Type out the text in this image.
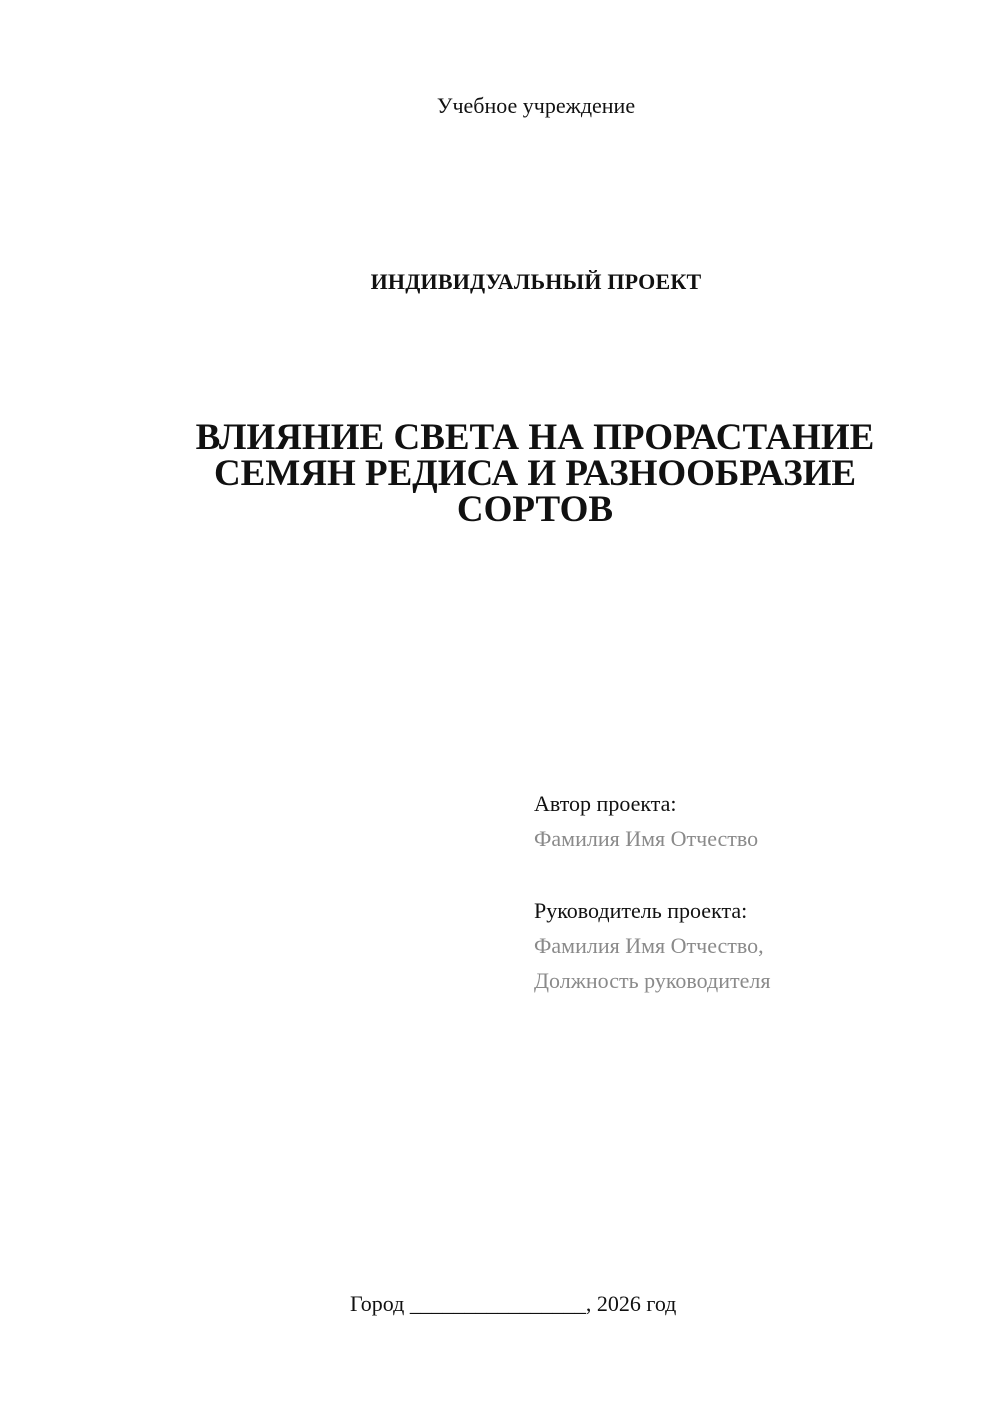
Учебное учреждение
ИНДИВИДУАЛЬНЫЙ ПРОЕКТ
ВЛИЯНИЕ СВЕТА НА ПРОРАСТАНИЕ
СЕМЯН РЕДИСА И РАЗНООБРАЗИЕ
СОРТОВ
Автор проекта:
Фамилия Имя Отчество
Руководитель проекта:
Фамилия Имя Отчество,
Должность руководителя
Город ________________, 2026 год
